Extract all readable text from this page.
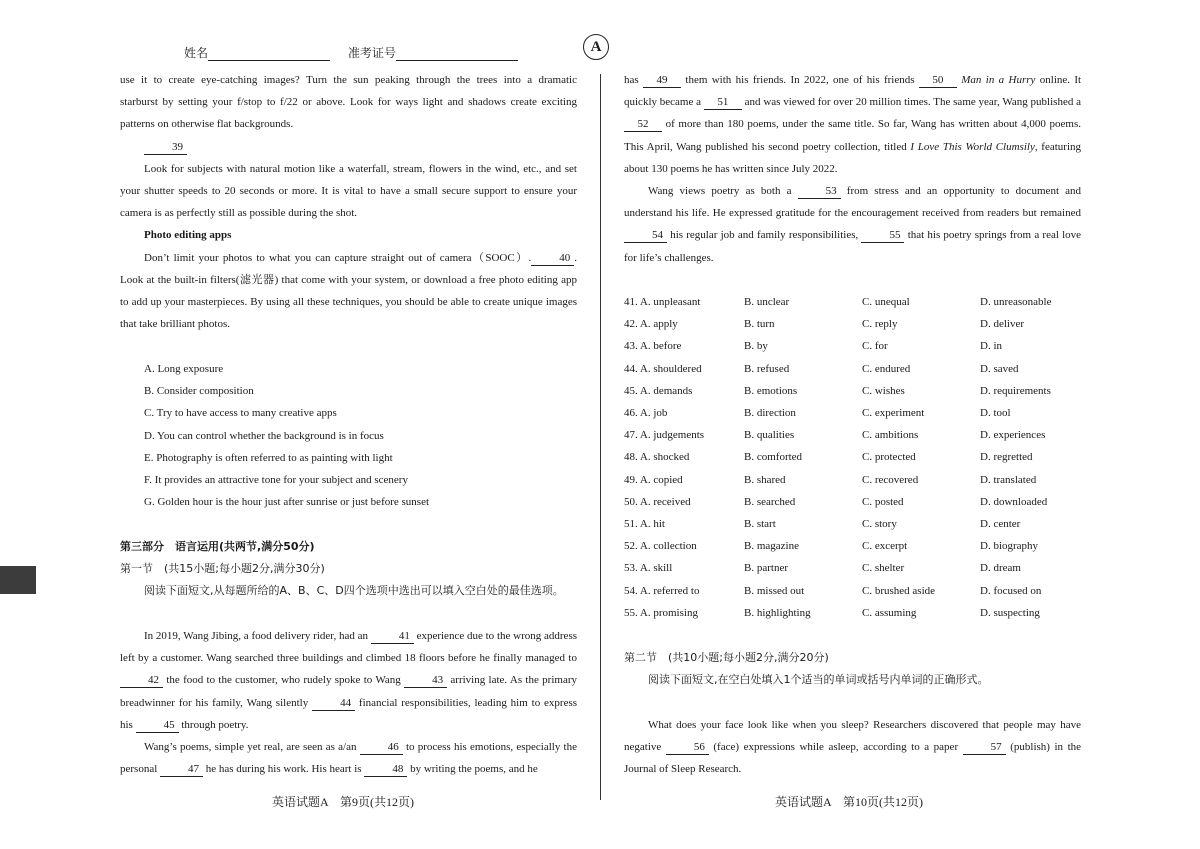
姓名	准考证号	A

use it to create eye-catching images? Turn the sun peaking through the trees into a dramatic

starburst by setting your f/stop to f/22 or above. Look for ways light and shadows create exciting

patterns on otherwise flat backgrounds.

39

Look for subjects with natural motion like a waterfall, stream, flowers in the wind, etc., and set your shutter speeds to 20 seconds or more. It is vital to have a small secure support to ensure your camera is as perfectly still as possible during the shot.

Photo editing apps

Don’t limit your photos to what you can capture straight out of camera（SOOC）.	40 . Look at the built-in filters(滤光器) that come with your system, or download a free photo editing app to add up your masterpieces. By using all these techniques, you should be able to create unique images that take brilliant photos.

A. Long exposure
B. Consider composition
C. Try to have access to many creative apps
D. You can control whether the background is in focus
E. Photography is often referred to as painting with light
F. It provides an attractive tone for your subject and scenery
G. Golden hour is the hour just after sunrise or just before sunset

第三部分　语言运用(共两节,满分50分)

第一节　(共15小题;每小题2分,满分30分)

阅读下面短文,从每题所给的A、B、C、D四个选项中选出可以填入空白处的最佳选项。

In 2019, Wang Jibing, a food delivery rider, had an	41 experience due to the wrong address left by a customer. Wang searched three buildings and climbed 18 floors before he finally managed to 42 the food to the customer, who rudely spoke to Wang	43 arriving late. As the primary breadwinner for his family, Wang silently	44 financial responsibilities, leading him to express his	45 through poetry.

Wang’s poems, simple yet real, are seen as a/an	46 to process his emotions, especially the personal	47 he has during his work. His heart is	48 by writing the poems, and he

英语试题A　第9页(共12页)

has 49 them with his friends. In 2022, one of his friends 50 Man in a Hurry online. It quickly became a 51 and was viewed for over 20 million times. The same year, Wang published a 52 of more than 180 poems, under the same title. So far, Wang has written about 4,000 poems. This April, Wang published his second poetry collection, titled I Love This World Clumsily, featuring about 130 poems he has written since July 2022.

Wang views poetry as both a	53 from stress and an opportunity to document and understand his life. He expressed gratitude for the encouragement received from readers but remained 54 his regular job and family responsibilities,	55 that his poetry springs from a real love for life’s challenges.

41. A. unpleasant	B. unclear	C. unequal	D. unreasonable
42. A. apply	B. turn	C. reply	D. deliver
43. A. before	B. by	C. for	D. in
44. A. shouldered	B. refused	C. endured	D. saved
45. A. demands	B. emotions	C. wishes	D. requirements
46. A. job	B. direction	C. experiment	D. tool
47. A. judgements	B. qualities	C. ambitions	D. experiences
48. A. shocked	B. comforted	C. protected	D. regretted
49. A. copied	B. shared	C. recovered	D. translated
50. A. received	B. searched	C. posted	D. downloaded
51. A. hit	B. start	C. story	D. center
52. A. collection	B. magazine	C. excerpt	D. biography
53. A. skill	B. partner	C. shelter	D. dream
54. A. referred to	B. missed out	C. brushed aside	D. focused on
55. A. promising	B. highlighting	C. assuming	D. suspecting

第二节　(共10小题;每小题2分,满分20分)

阅读下面短文,在空白处填入1个适当的单词或括号内单词的正确形式。

What does your face look like when you sleep? Researchers discovered that people may have negative	56 (face) expressions while asleep, according to a paper	57 (publish) in the Journal of Sleep Research.

英语试题A　第10页(共12页)
